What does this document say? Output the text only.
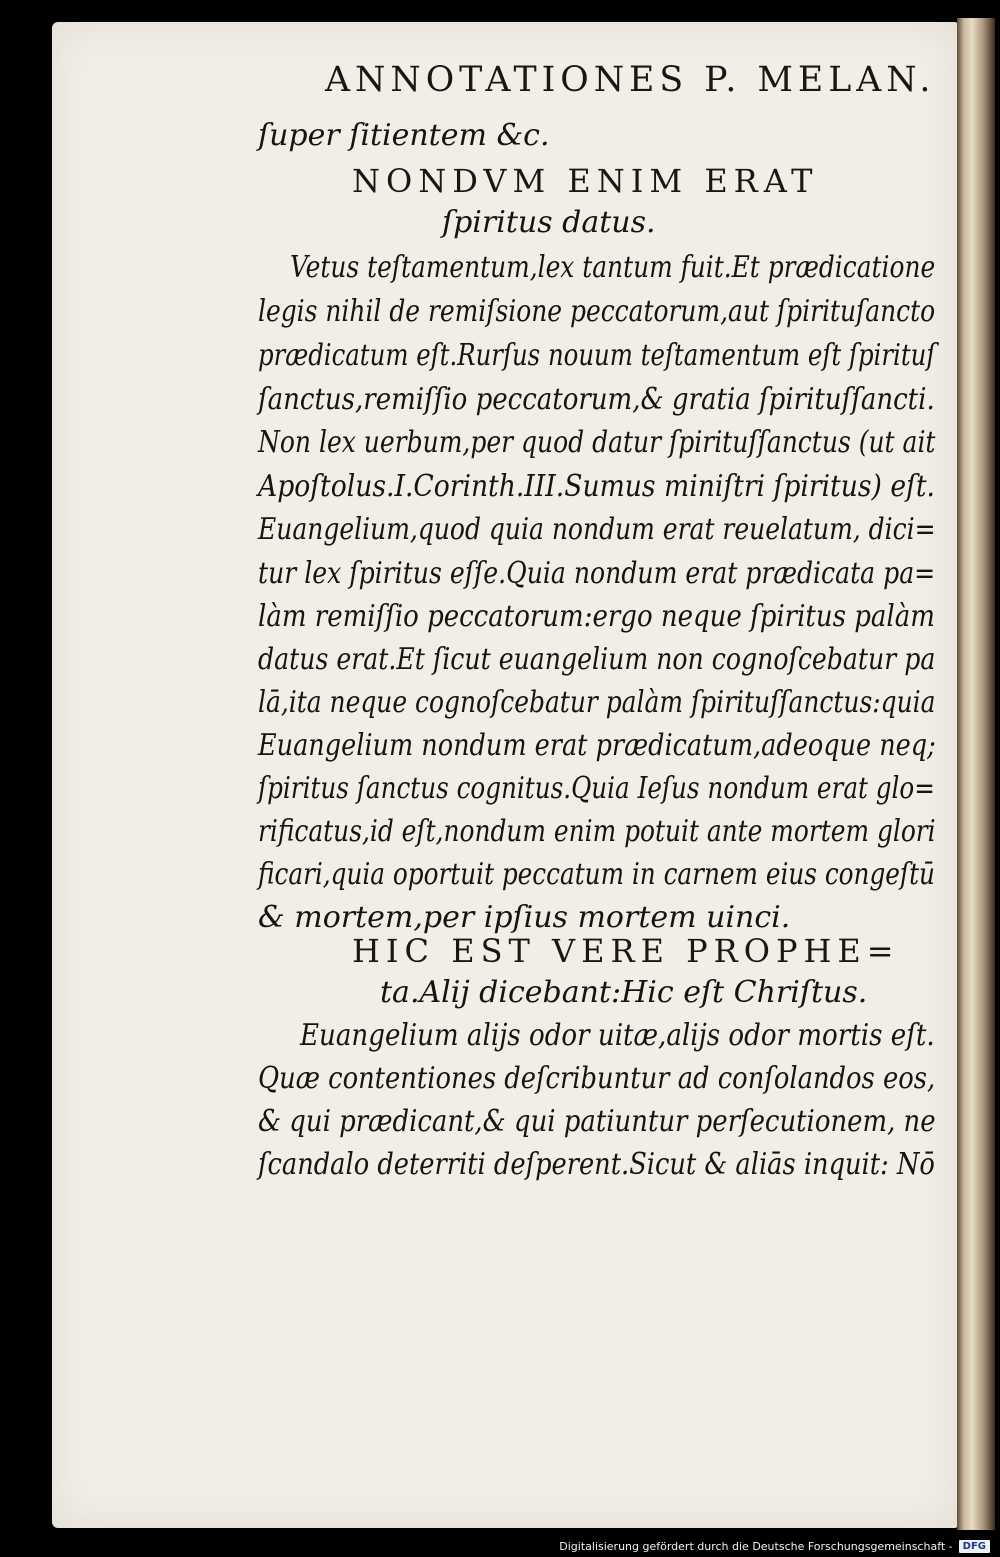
ANNOTATIONES P. MELAN.
ſuper ſitientem &c.
NONDVM ENIM ERAT
ſpiritus datus.
Vetus teſtamentum,lex tantum fuit.Et prædicatione
legis nihil de remiſsione peccatorum,aut ſpirituſancto
prædicatum eſt.Rurſus nouum teſtamentum eſt ſpirituſ
ſanctus,remiſſio peccatorum,& gratia ſpirituſſancti.
Non lex uerbum,per quod datur ſpirituſſanctus (ut ait
Apoſtolus.I.Corinth.III.Sumus miniſtri ſpiritus) eſt.
Euangelium,quod quia nondum erat reuelatum, dici=
tur lex ſpiritus eſſe.Quia nondum erat prædicata pa=
làm remiſſio peccatorum:ergo neque ſpiritus palàm
datus erat.Et ſicut euangelium non cognoſcebatur pa
lā,ita neque cognoſcebatur palàm ſpirituſſanctus:quia
Euangelium nondum erat prædicatum,adeoque neq;
ſpiritus ſanctus cognitus.Quia Ieſus nondum erat glo=
rificatus,id eſt,nondum enim potuit ante mortem glori
ficari,quia oportuit peccatum in carnem eius congeſtū
& mortem,per ipſius mortem uinci.
HIC EST VERE PROPHE=
ta.Alij dicebant:Hic eſt Chriſtus.
Euangelium alijs odor uitæ,alijs odor mortis eſt.
Quæ contentiones deſcribuntur ad conſolandos eos,
& qui prædicant,& qui patiuntur perſecutionem, ne
ſcandalo deterriti deſperent.Sicut & aliās inquit: Nō
Digitalisierung gefördert durch die Deutsche Forschungsgemeinschaft -	DFG
